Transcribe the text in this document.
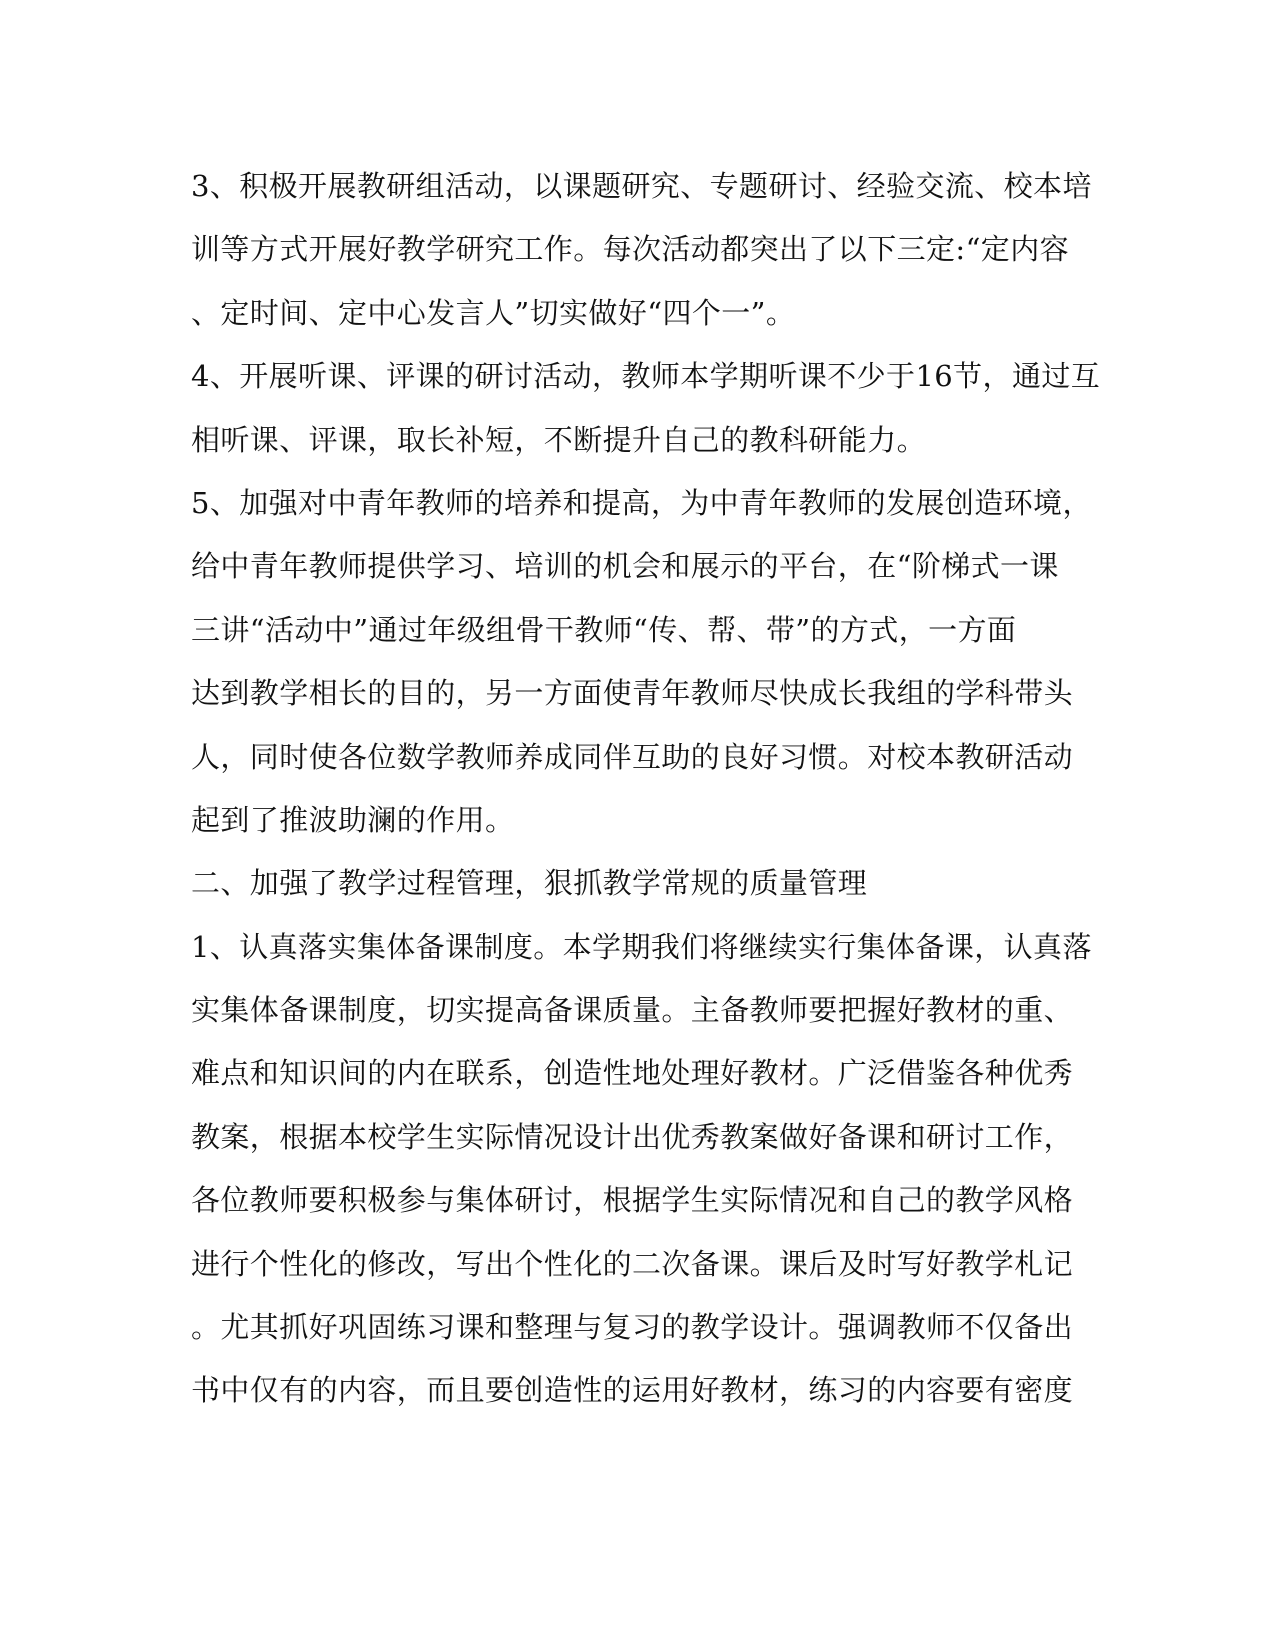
3、积极开展教研组活动，以课题研究、专题研讨、经验交流、校本培
训等方式开展好教学研究工作。每次活动都突出了以下三定:“定内容
、定时间、定中心发言人”切实做好“四个一”。
4、开展听课、评课的研讨活动，教师本学期听课不少于16节，通过互
相听课、评课，取长补短，不断提升自己的教科研能力。
5、加强对中青年教师的培养和提高，为中青年教师的发展创造环境，
给中青年教师提供学习、培训的机会和展示的平台，在“阶梯式一课
三讲“活动中”通过年级组骨干教师“传、帮、带”的方式，一方面
达到教学相长的目的，另一方面使青年教师尽快成长我组的学科带头
人，同时使各位数学教师养成同伴互助的良好习惯。对校本教研活动
起到了推波助澜的作用。
二、加强了教学过程管理，狠抓教学常规的质量管理
1、认真落实集体备课制度。本学期我们将继续实行集体备课，认真落
实集体备课制度，切实提高备课质量。主备教师要把握好教材的重、
难点和知识间的内在联系，创造性地处理好教材。广泛借鉴各种优秀
教案，根据本校学生实际情况设计出优秀教案做好备课和研讨工作，
各位教师要积极参与集体研讨，根据学生实际情况和自己的教学风格
进行个性化的修改，写出个性化的二次备课。课后及时写好教学札记
。尤其抓好巩固练习课和整理与复习的教学设计。强调教师不仅备出
书中仅有的内容，而且要创造性的运用好教材，练习的内容要有密度
